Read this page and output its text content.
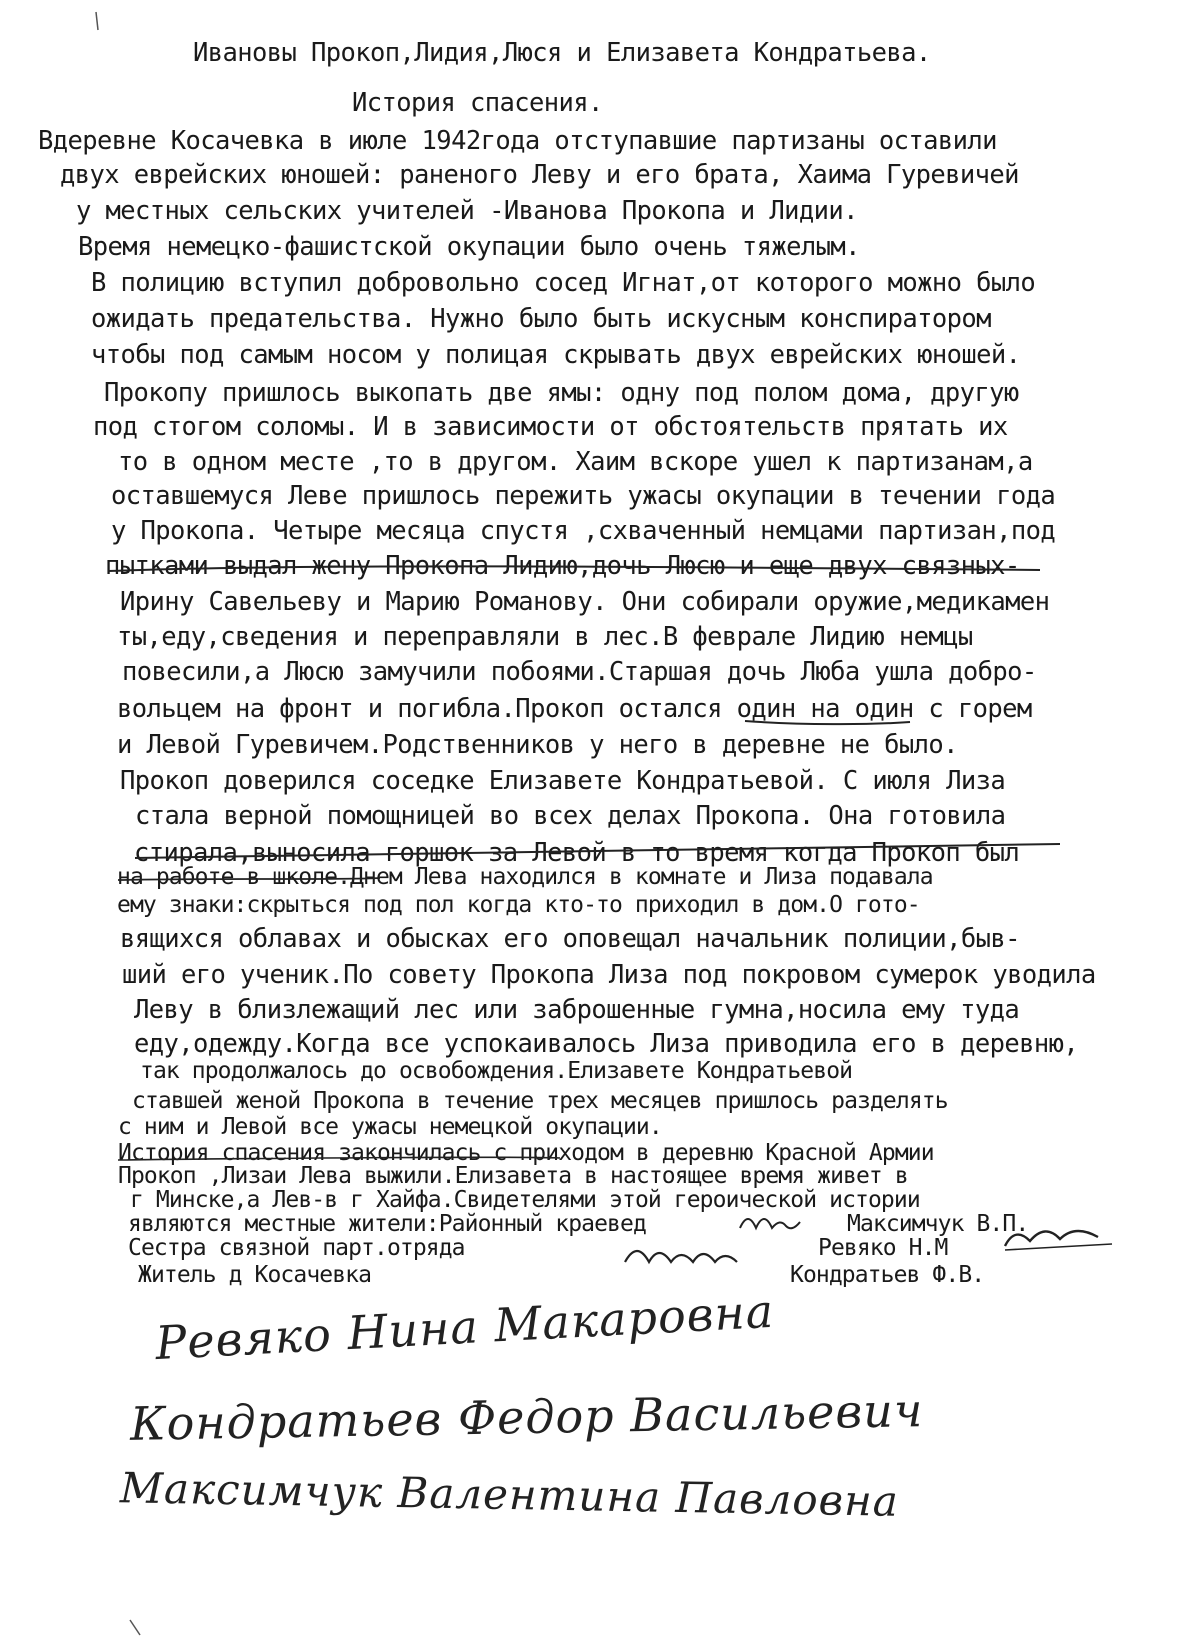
Ивановы Прокоп,Лидия,Люся и Елизавета Кондратьева.
История спасения.
Вдеревне Косачевка в июле 1942года отступавшие партизаны оставили
двух еврейских юношей: раненого Леву и его брата, Хаима Гуревичей
у местных сельских учителей -Иванова Прокопа и Лидии.
Время немецко-фашистской окупации было очень тяжелым.
В полицию вступил добровольно сосед Игнат,от которого можно было
ожидать предательства. Нужно было быть искусным конспиратором
чтобы под самым носом у полицая скрывать двух еврейских юношей.
Прокопу пришлось выкопать две ямы: одну под полом дома, другую
под стогом соломы. И в зависимости от обстоятельств прятать их
то в одном месте ,то в другом. Хаим вскоре ушел к партизанам,а
оставшемуся Леве пришлось пережить ужасы окупации в течении года
у Прокопа. Четыре месяца спустя ,схваченный немцами партизан,под
пытками выдал жену Прокопа Лидию,дочь Люсю и еще двух связных-
Ирину Савельеву и Марию Романову. Они собирали оружие,медикамен
ты,еду,сведения и переправляли в лес.В феврале Лидию немцы
повесили,а Люсю замучили побоями.Старшая дочь Люба ушла добро-
вольцем на фронт и погибла.Прокоп остался один на один с горем
и Левой Гуревичем.Родственников у него в деревне не было.
Прокоп доверился соседке Елизавете Кондратьевой. С июля Лиза
стала верной помощницей во всех делах Прокопа. Она готовила
стирала,выносила горшок за Левой в то время когда Прокоп был
на работе в школе.Днем Лева находился в комнате и Лиза подавала
ему знаки:скрыться под пол когда кто-то приходил в дом.О гото-
вящихся облавах и обысках его оповещал начальник полиции,быв-
ший его ученик.По совету Прокопа Лиза под покровом сумерок уводила
Леву в близлежащий лес или заброшенные гумна,носила ему туда
еду,одежду.Когда все успокаивалось Лиза приводила его в деревню,
так продолжалось до освобождения.Елизавете Кондратьевой
ставшей женой Прокопа в течение трех месяцев пришлось разделять
с ним и Левой все ужасы немецкой окупации.
История спасения закончилась с приходом в деревню Красной Армии
Прокоп ,Лизаи Лева выжили.Елизавета в настоящее время живет в
г Минске,а Лев-в г Хайфа.Свидетелями этой героической истории
являются местные жители:Районный краевед	Максимчук В.П.
Сестра связной парт.отряда	Ревяко Н.М
Житель д Косачевка	Кондратьев Ф.В.
Ревяко Нина Макаровна
Кондратьев Федор Васильевич
Максимчук Валентина Павловна
